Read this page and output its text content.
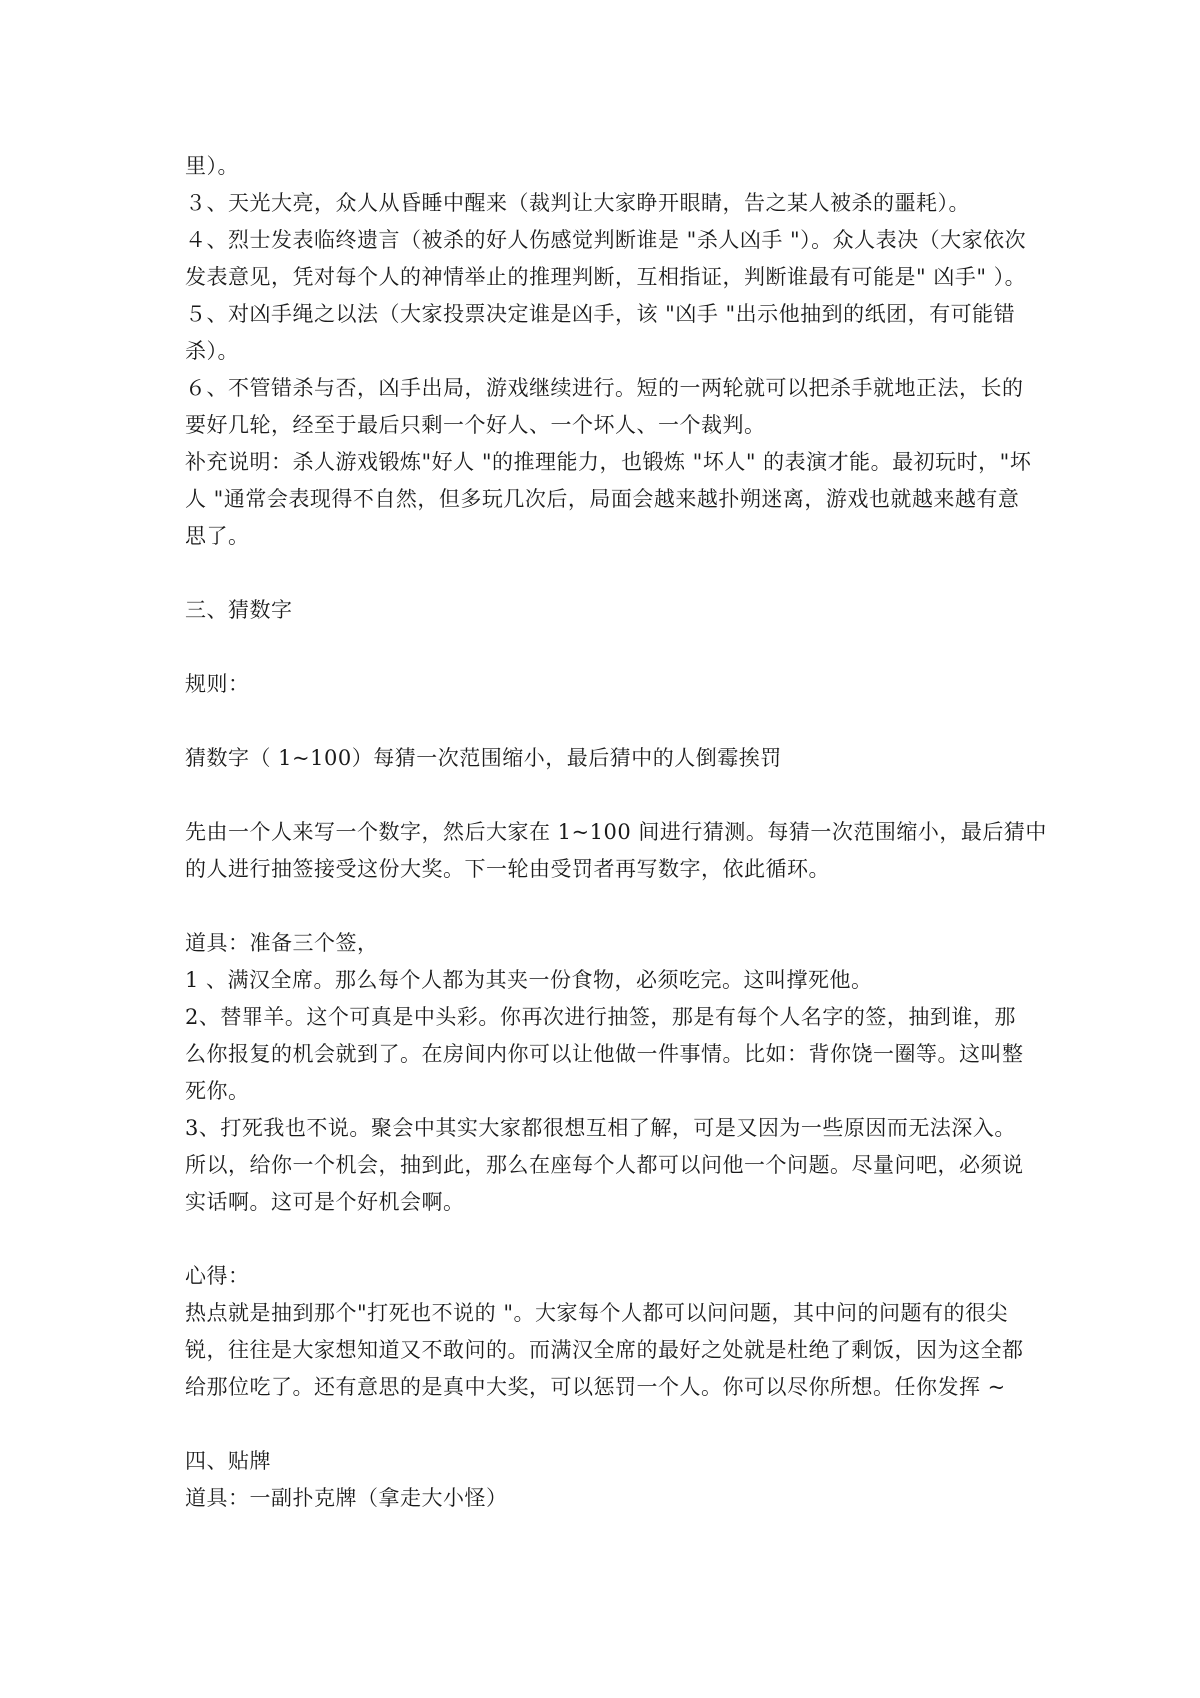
里）。
３、天光大亮，众人从昏睡中醒来（裁判让大家睁开眼睛，告之某人被杀的噩耗）。
４、烈士发表临终遗言（被杀的好人伤感觉判断谁是 "杀人凶手 "）。众人表决（大家依次
发表意见，凭对每个人的神情举止的推理判断，互相指证，判断谁最有可能是" 凶手" ）。
５、对凶手绳之以法（大家投票决定谁是凶手，该 "凶手 "出示他抽到的纸团，有可能错
杀）。
６、不管错杀与否，凶手出局，游戏继续进行。短的一两轮就可以把杀手就地正法，长的
要好几轮，经至于最后只剩一个好人、一个坏人、一个裁判。
补充说明：杀人游戏锻炼"好人 "的推理能力，也锻炼 "坏人" 的表演才能。最初玩时，"坏
人 "通常会表现得不自然，但多玩几次后，局面会越来越扑朔迷离，游戏也就越来越有意
思了。
三、猜数字
规则：
猜数字（ 1~100）每猜一次范围缩小，最后猜中的人倒霉挨罚
先由一个人来写一个数字，然后大家在 1~100 间进行猜测。每猜一次范围缩小，最后猜中
的人进行抽签接受这份大奖。下一轮由受罚者再写数字，依此循环。
道具：准备三个签，
1 、满汉全席。那么每个人都为其夹一份食物，必须吃完。这叫撑死他。
2、替罪羊。这个可真是中头彩。你再次进行抽签，那是有每个人名字的签，抽到谁，那
么你报复的机会就到了。在房间内你可以让他做一件事情。比如：背你饶一圈等。这叫整
死你。
3、打死我也不说。聚会中其实大家都很想互相了解，可是又因为一些原因而无法深入。
所以，给你一个机会，抽到此，那么在座每个人都可以问他一个问题。尽量问吧，必须说
实话啊。这可是个好机会啊。
心得：
热点就是抽到那个"打死也不说的 "。大家每个人都可以问问题，其中问的问题有的很尖
锐，往往是大家想知道又不敢问的。而满汉全席的最好之处就是杜绝了剩饭，因为这全都
给那位吃了。还有意思的是真中大奖，可以惩罚一个人。你可以尽你所想。任你发挥 ~
四、贴牌
道具：一副扑克牌（拿走大小怪）
